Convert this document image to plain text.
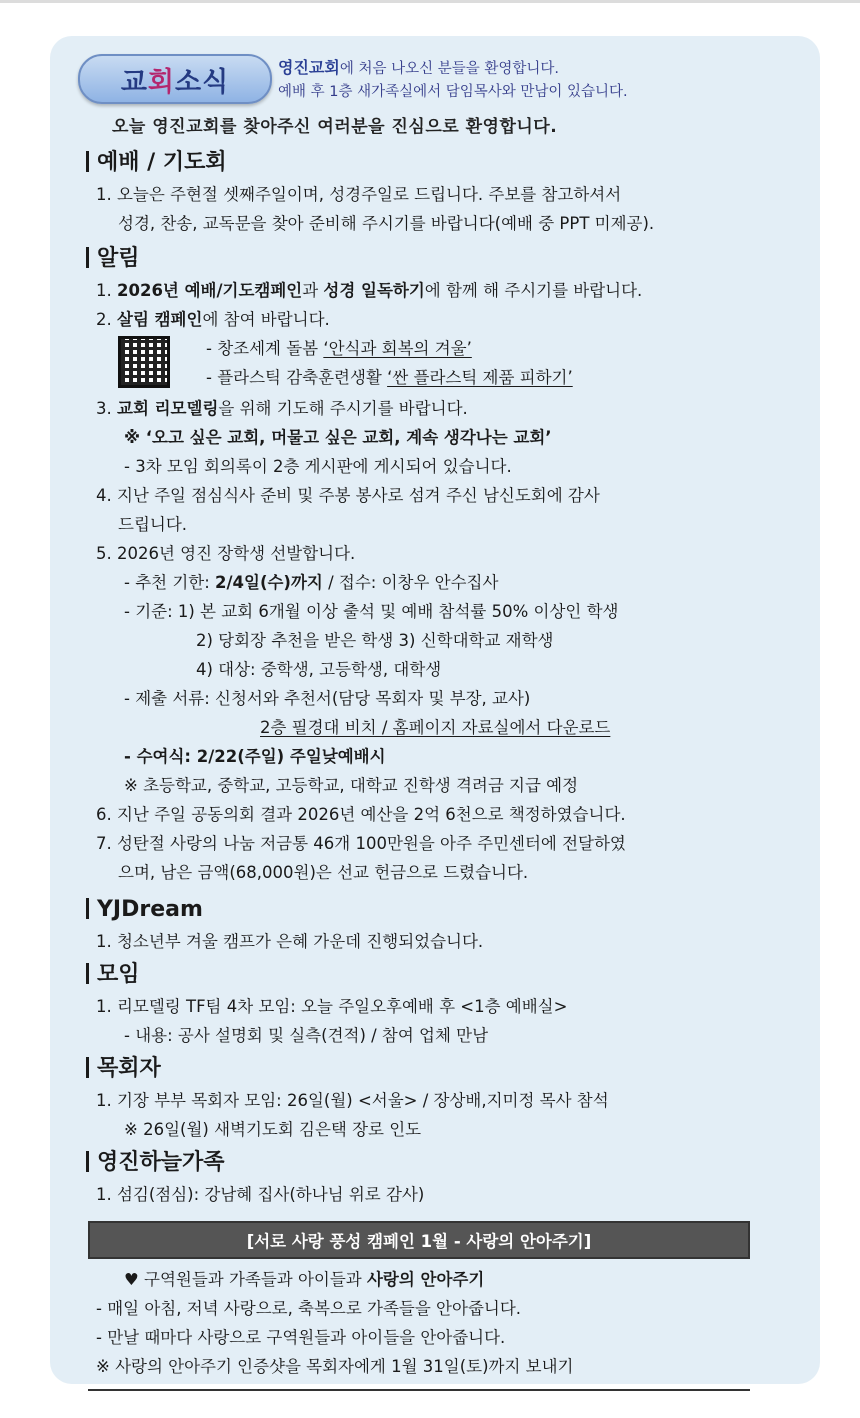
교 회 소식	영진교회에 처음 나오신 분들을 환영합니다.
예배 후 1층 새가족실에서 담임목사와 만남이 있습니다.
오늘 영진교회를 찾아주신 여러분을 진심으로 환영합니다.
예배 / 기도회
1. 오늘은 주현절 셋째주일이며, 성경주일로 드립니다. 주보를 참고하셔서
성경, 찬송, 교독문을 찾아 준비해 주시기를 바랍니다(예배 중 PPT 미제공).
알림
1. 2026년 예배/기도캠페인과 성경 일독하기에 함께 해 주시기를 바랍니다.
2. 살림 캠페인에 참여 바랍니다.
- 창조세계 돌봄 ‘안식과 회복의 겨울’
- 플라스틱 감축훈련생활 ‘싼 플라스틱 제품 피하기’
3. 교회 리모델링을 위해 기도해 주시기를 바랍니다.
※ ‘오고 싶은 교회, 머물고 싶은 교회, 계속 생각나는 교회’
- 3차 모임 회의록이 2층 게시판에 게시되어 있습니다.
4. 지난 주일 점심식사 준비 및 주봉 봉사로 섬겨 주신 남신도회에 감사
드립니다.
5. 2026년 영진 장학생 선발합니다.
- 추천 기한: 2/4일(수)까지 / 접수: 이창우 안수집사
- 기준: 1) 본 교회 6개월 이상 출석 및 예배 참석률 50% 이상인 학생
2) 당회장 추천을 받은 학생 3) 신학대학교 재학생
4) 대상: 중학생, 고등학생, 대학생
- 제출 서류: 신청서와 추천서(담당 목회자 및 부장, 교사)
2층 필경대 비치 / 홈페이지 자료실에서 다운로드
- 수여식: 2/22(주일) 주일낮예배시
※ 초등학교, 중학교, 고등학교, 대학교 진학생 격려금 지급 예정
6. 지난 주일 공동의회 결과 2026년 예산을 2억 6천으로 책정하였습니다.
7. 성탄절 사랑의 나눔 저금통 46개 100만원을 아주 주민센터에 전달하였
으며, 남은 금액(68,000원)은 선교 헌금으로 드렸습니다.
YJDream
1. 청소년부 겨울 캠프가 은혜 가운데 진행되었습니다.
모임
1. 리모델링 TF팀 4차 모임: 오늘 주일오후예배 후 <1층 예배실>
- 내용: 공사 설명회 및 실측(견적) / 참여 업체 만남
목회자
1. 기장 부부 목회자 모임: 26일(월) <서울> / 장상배,지미정 목사 참석
※ 26일(월) 새벽기도회 김은택 장로 인도
영진하늘가족
1. 섬김(점심): 강남혜 집사(하나님 위로 감사)
[서로 사랑 풍성 캠페인 1월 - 사랑의 안아주기]
♥ 구역원들과 가족들과 아이들과 사랑의 안아주기
- 매일 아침, 저녁 사랑으로, 축복으로 가족들을 안아줍니다.
- 만날 때마다 사랑으로 구역원들과 아이들을 안아줍니다.
※ 사랑의 안아주기 인증샷을 목회자에게 1월 31일(토)까지 보내기
